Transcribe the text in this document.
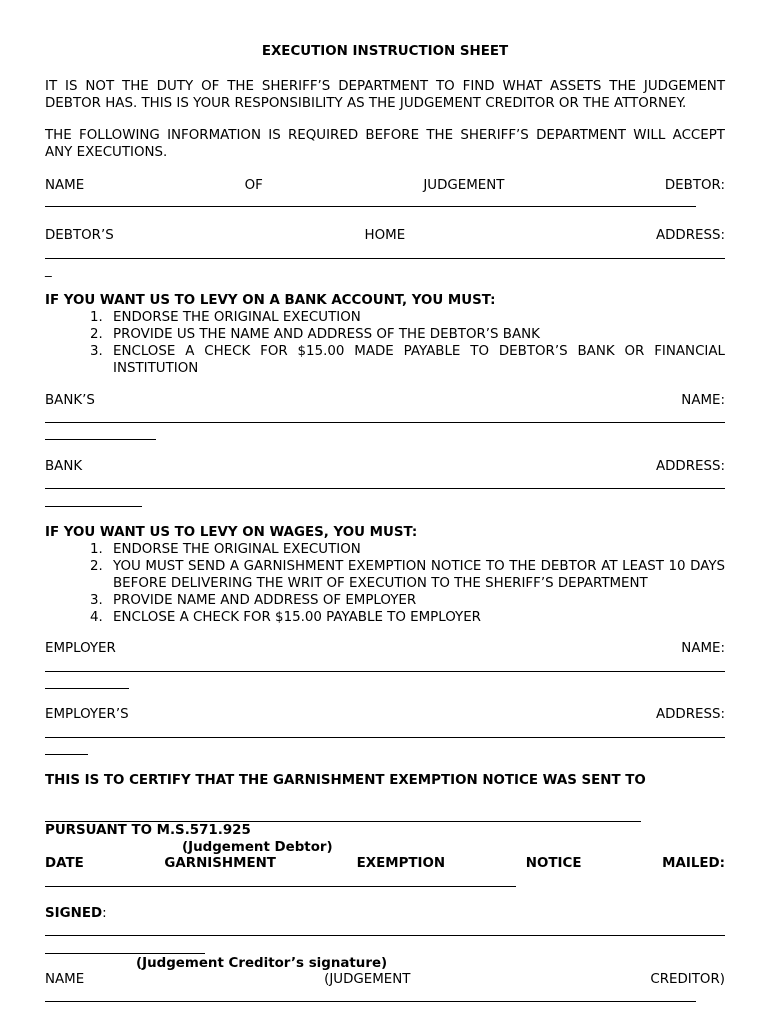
EXECUTION INSTRUCTION SHEET
IT IS NOT THE DUTY OF THE SHERIFF’S DEPARTMENT TO FIND WHAT ASSETS THE JUDGEMENT DEBTOR HAS. THIS IS YOUR RESPONSIBILITY AS THE JUDGEMENT CREDITOR OR THE ATTORNEY.
THE FOLLOWING INFORMATION IS REQUIRED BEFORE THE SHERIFF’S DEPARTMENT WILL ACCEPT ANY EXECUTIONS.
NAME	OF	JUDGEMENT	DEBTOR:
DEBTOR’S	HOME	ADDRESS:
_
IF YOU WANT US TO LEVY ON A BANK ACCOUNT, YOU MUST:
1. ENDORSE THE ORIGINAL EXECUTION
2. PROVIDE US THE NAME AND ADDRESS OF THE DEBTOR’S BANK
3. ENCLOSE A CHECK FOR $15.00 MADE PAYABLE TO DEBTOR’S BANK OR FINANCIAL INSTITUTION
BANK’S	NAME:
BANK	ADDRESS:
IF YOU WANT US TO LEVY ON WAGES, YOU MUST:
1. ENDORSE THE ORIGINAL EXECUTION
2. YOU MUST SEND A GARNISHMENT EXEMPTION NOTICE TO THE DEBTOR AT LEAST 10 DAYS BEFORE DELIVERING THE WRIT OF EXECUTION TO THE SHERIFF’S DEPARTMENT
3. PROVIDE NAME AND ADDRESS OF EMPLOYER
4. ENCLOSE A CHECK FOR $15.00 PAYABLE TO EMPLOYER
EMPLOYER	NAME:
EMPLOYER’S	ADDRESS:
THIS IS TO CERTIFY THAT THE GARNISHMENT EXEMPTION NOTICE WAS SENT TO
PURSUANT TO M.S.571.925
(Judgement Debtor)
DATE	GARNISHMENT	EXEMPTION	NOTICE	MAILED:
SIGNED:
(Judgement Creditor’s signature)
NAME	(JUDGEMENT	CREDITOR)
